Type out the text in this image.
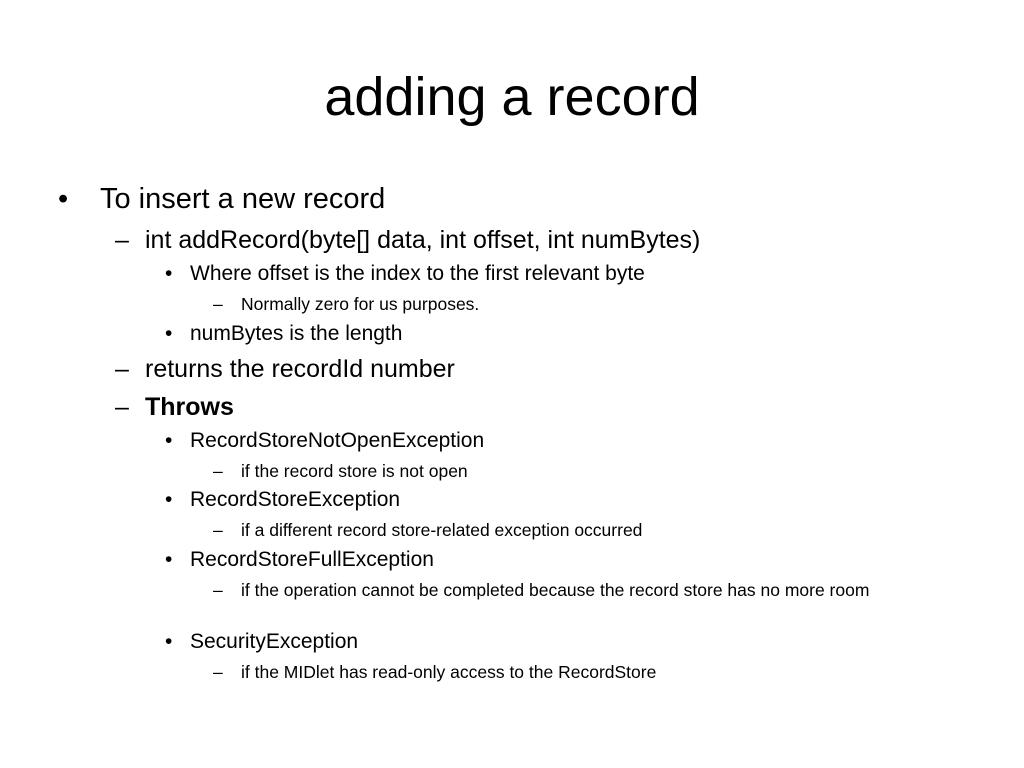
adding a record
• To insert a new record
– int addRecord(byte[] data, int offset, int numBytes)
• Where offset is the index to the first relevant byte
– Normally zero for us purposes.
• numBytes is the length
– returns the recordId number
– Throws
• RecordStoreNotOpenException
– if the record store is not open
• RecordStoreException
– if a different record store-related exception occurred
• RecordStoreFullException
– if the operation cannot be completed because the record store has no more room
• SecurityException
– if the MIDlet has read-only access to the RecordStore
